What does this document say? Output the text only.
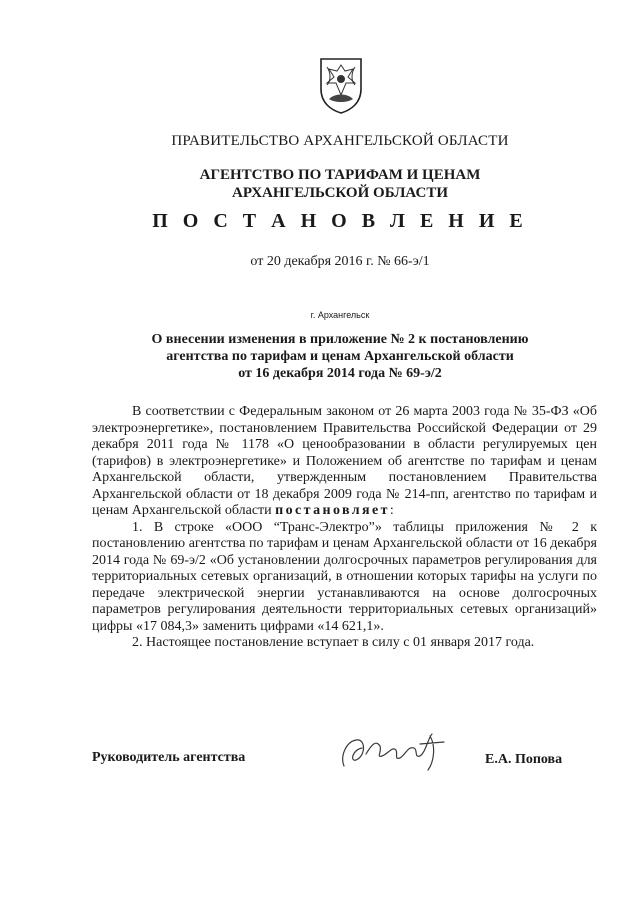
ПРАВИТЕЛЬСТВО АРХАНГЕЛЬСКОЙ ОБЛАСТИ
АГЕНТСТВО ПО ТАРИФАМ И ЦЕНАМ
АРХАНГЕЛЬСКОЙ ОБЛАСТИ
П О С Т А Н О В Л Е Н И Е
от 20 декабря 2016 г. № 66-э/1
г. Архангельск
О внесении изменения в приложение № 2 к постановлению
агентства по тарифам и ценам Архангельской области
от 16 декабря 2014 года № 69-э/2

В соответствии с Федеральным законом от 26 марта 2003 года № 35-ФЗ «Об электроэнергетике», постановлением Правительства Российской Федерации от 29 декабря 2011 года № 1178 «О ценообразовании в области регулируемых цен (тарифов) в электроэнергетике» и Положением об агентстве по тарифам и ценам Архангельской области, утвержденным постановлением Правительства Архангельской области от 18 декабря 2009 года № 214-пп, агентство по тарифам и ценам Архангельской области постановляет:

1. В строке «ООО “Транс-Электро”» таблицы приложения № 2 к постановлению агентства по тарифам и ценам Архангельской области от 16 декабря 2014 года № 69-э/2 «Об установлении долгосрочных параметров регулирования для территориальных сетевых организаций, в отношении которых тарифы на услуги по передаче электрической энергии устанавливаются на основе долгосрочных параметров регулирования деятельности территориальных сетевых организаций» цифры «17 084,3» заменить цифрами «14 621,1».

2. Настоящее постановление вступает в силу с 01 января 2017 года.

Руководитель агентства	Е.А. Попова
